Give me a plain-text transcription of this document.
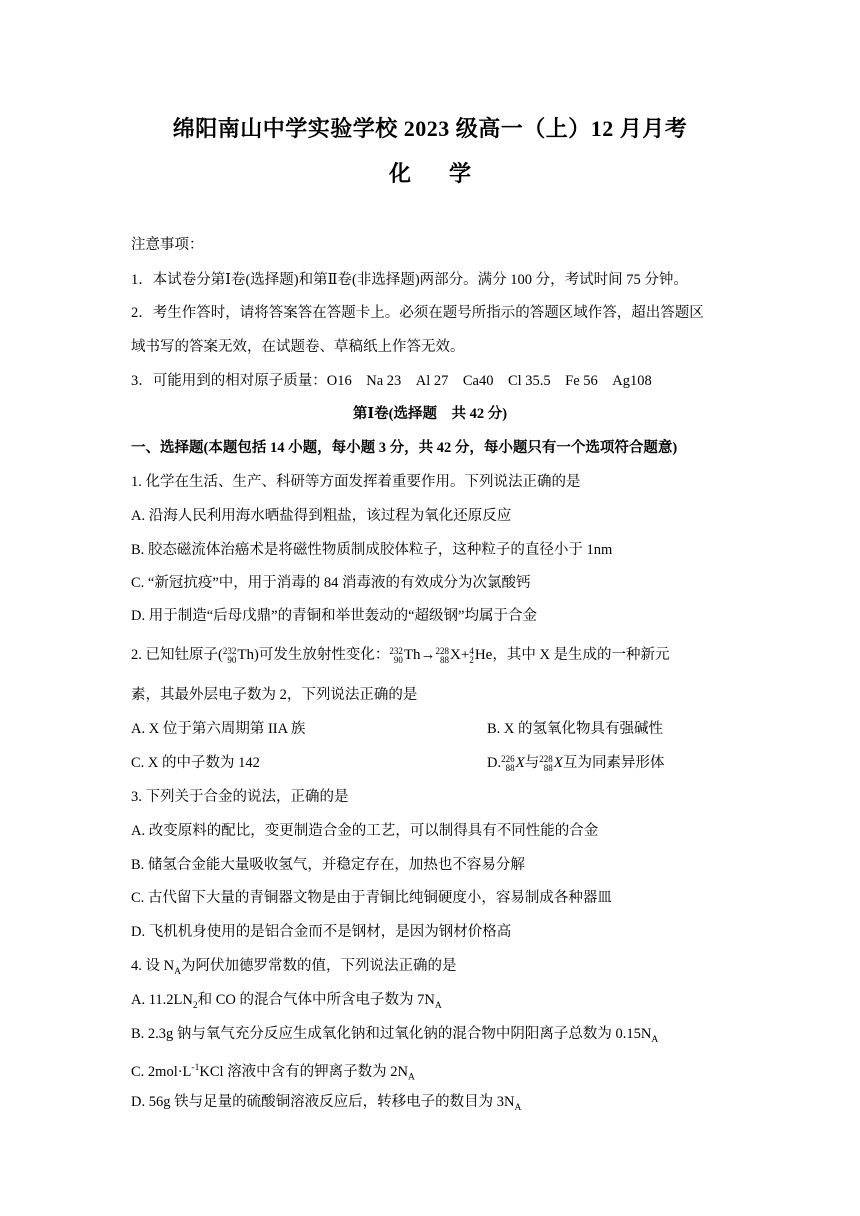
绵阳南山中学实验学校 2023 级高一（上）12 月月考
化学
注意事项：
1．本试卷分第Ⅰ卷(选择题)和第Ⅱ卷(非选择题)两部分。满分 100 分，考试时间 75 分钟。
2．考生作答时，请将答案答在答题卡上。必须在题号所指示的答题区域作答，超出答题区
域书写的答案无效，在试题卷、草稿纸上作答无效。
3．可能用到的相对原子质量：O16　Na 23　Al 27　Ca40　Cl 35.5　Fe 56　Ag108
第Ⅰ卷(选择题　共 42 分)
一、选择题(本题包括 14 小题，每小题 3 分，共 42 分，每小题只有一个选项符合题意)
1. 化学在生活、生产、科研等方面发挥着重要作用。下列说法正确的是
A. 沿海人民利用海水晒盐得到粗盐，该过程为氧化还原反应
B. 胶态磁流体治癌术是将磁性物质制成胶体粒子，这种粒子的直径小于 1nm
C. “新冠抗疫”中，用于消毒的 84 消毒液的有效成分为次氯酸钙
D. 用于制造“后母戊鼎”的青铜和举世轰动的“超级钢”均属于合金
2. 已知钍原子( 232
90 Th)可发生放射性变化： 232
90 Th→ 228
88 X+ 4
2 He，其中 X 是生成的一种新元
素，其最外层电子数为 2，下列说法正确的是
A. X 位于第六周期第 IIA 族	B. X 的氢氧化物具有强碱性
C. X 的中子数为 142	D. 226
88 X与 228
88 X互为同素异形体
3. 下列关于合金的说法，正确的是
A. 改变原料的配比，变更制造合金的工艺，可以制得具有不同性能的合金
B. 储氢合金能大量吸收氢气，并稳定存在，加热也不容易分解
C. 古代留下大量的青铜器文物是由于青铜比纯铜硬度小，容易制成各种器皿
D. 飞机机身使用的是铝合金而不是钢材，是因为钢材价格高
4. 设 $N_A$为阿伏加德罗常数的值，下列说法正确的是
A. $11.2LN_2$和 CO 的混合气体中所含电子数为 $7N_A$
B. 2.3g 钠与氧气充分反应生成氧化钠和过氧化钠的混合物中阴阳离子总数为 $0.15N_A$
C. $2mol\cdot L^{-1}KCl$ 溶液中含有的钾离子数为 $2N_A$
D. 56g 铁与足量的硫酸铜溶液反应后，转移电子的数目为 $3N_A$
